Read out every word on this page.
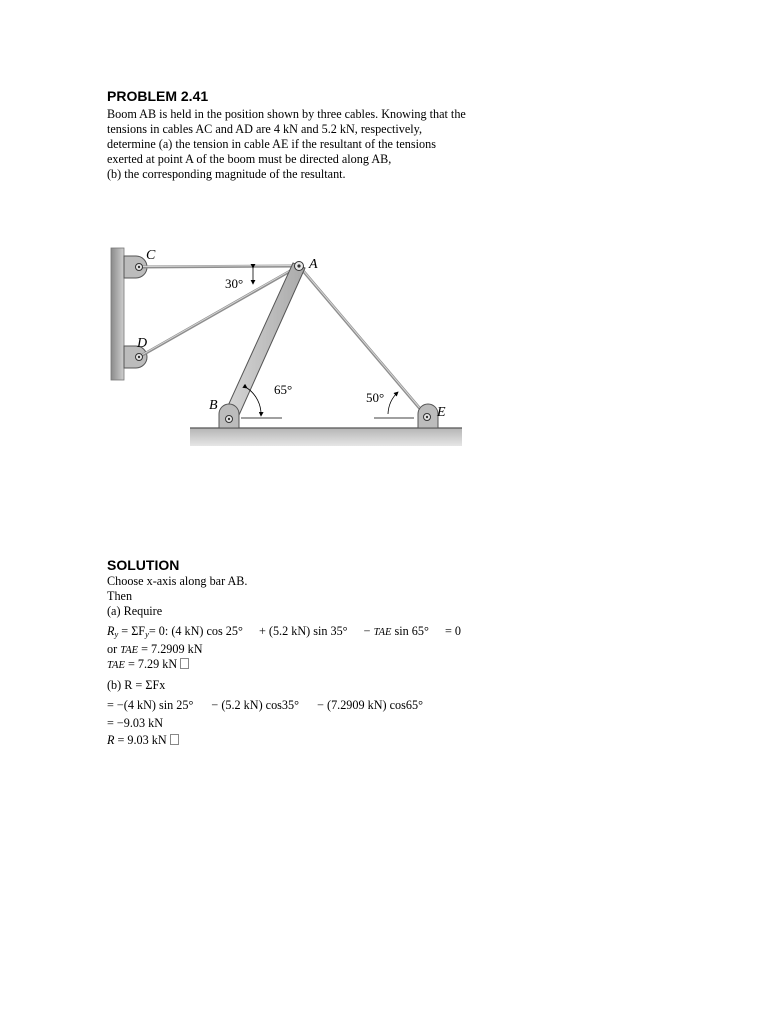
PROBLEM 2.41

Boom AB is held in the position shown by three cables. Knowing that the

tensions in cables AC and AD are 4 kN and 5.2 kN, respectively,

determine (a) the tension in cable AE if the resultant of the tensions

exerted at point A of the boom must be directed along AB,

(b) the corresponding magnitude of the resultant.

C
A
D
B	E
30°
65°
50°
SOLUTION

Choose x-axis along bar AB.

Then

(a) Require

$R_y = \Sigma F_y= 0$: (4 kN) cos 25° + (5.2 kN) sin 35° − TAE sin 65° = 0
or TAE = 7.2909 kN
TAE = 7.29 kN

(b) R = ΣFx

= −(4 kN) sin 25° − (5.2 kN) cos35° − (7.2909 kN) cos65°

= −9.03 kN

R = 9.03 kN
